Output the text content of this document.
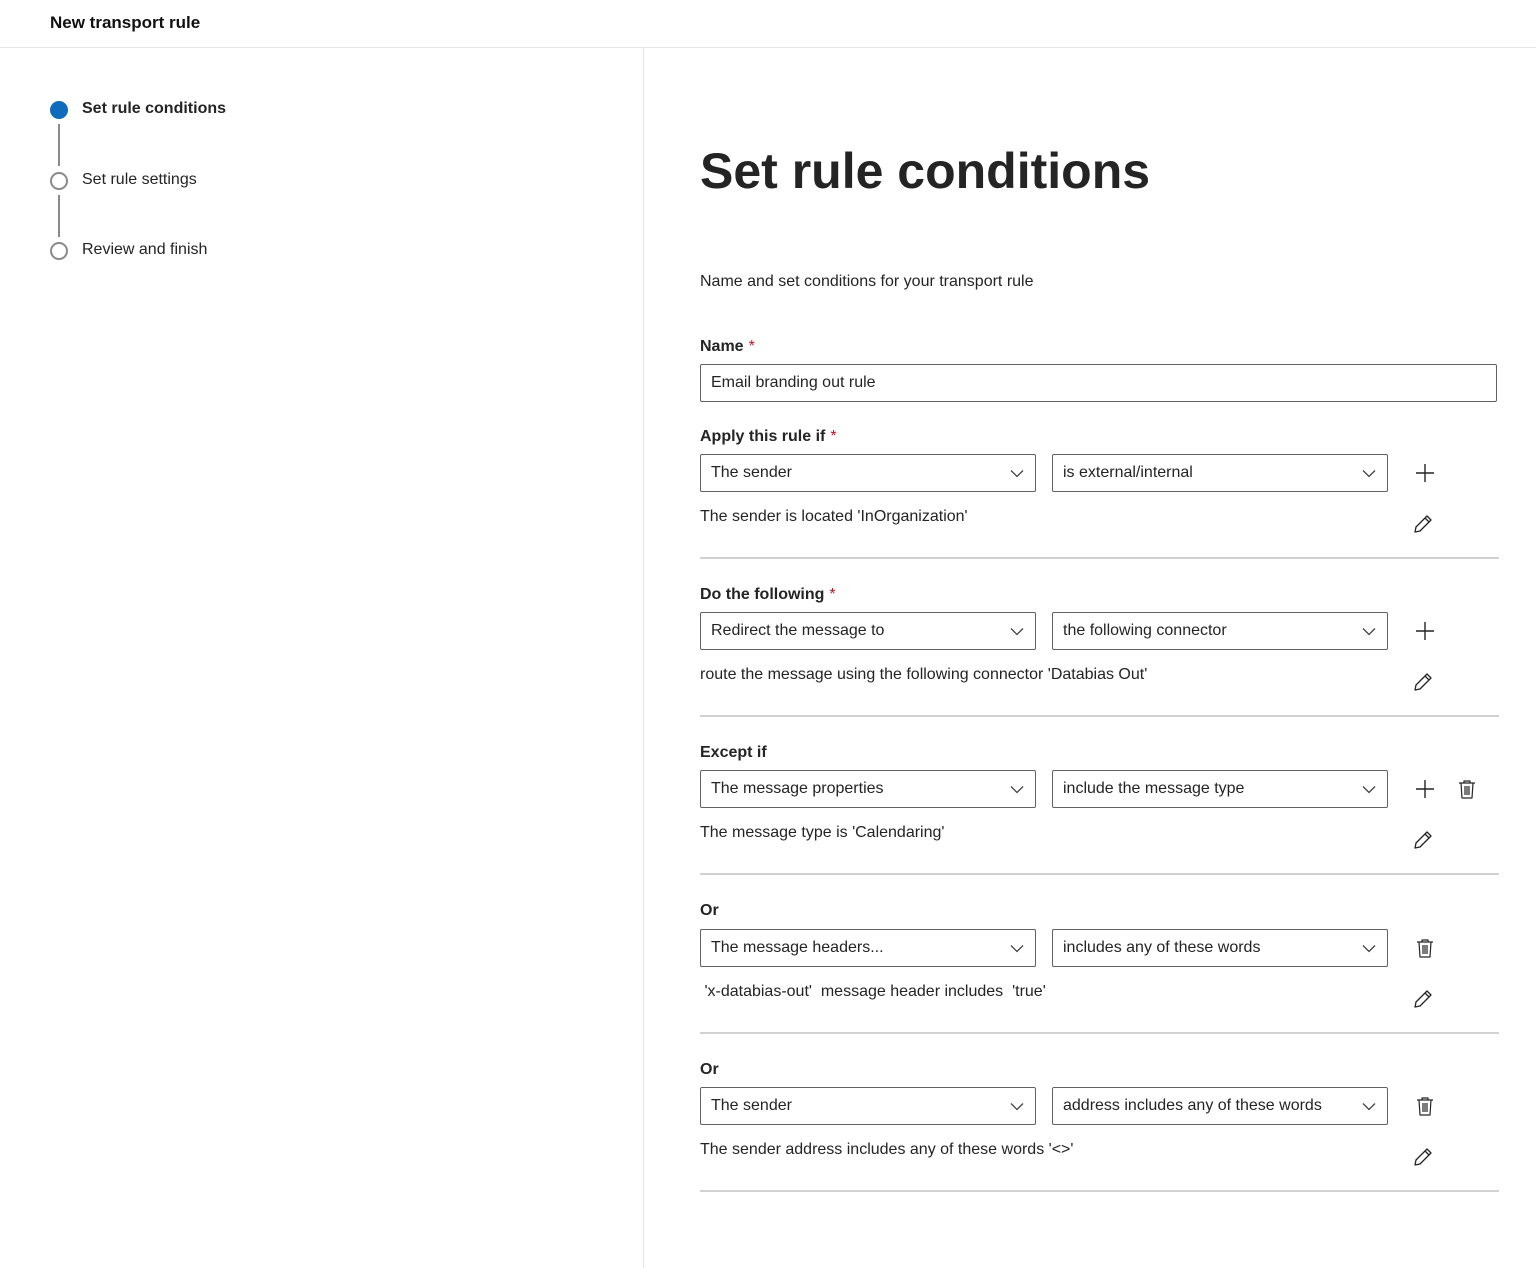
New transport rule
Set rule conditions
Set rule settings
Review and finish
Set rule conditions
Name and set conditions for your transport rule
Name *
Email branding out rule
Apply this rule if *
The sender	is external/internal
The sender is located 'InOrganization'
Do the following *
Redirect the message to	the following connector
route the message using the following connector 'Databias Out'
Except if
The message properties	include the message type
The message type is 'Calendaring'
Or
The message headers...	includes any of these words
'x-databias-out'  message header includes  'true'
Or
The sender	address includes any of these words
The sender address includes any of these words '<>'
